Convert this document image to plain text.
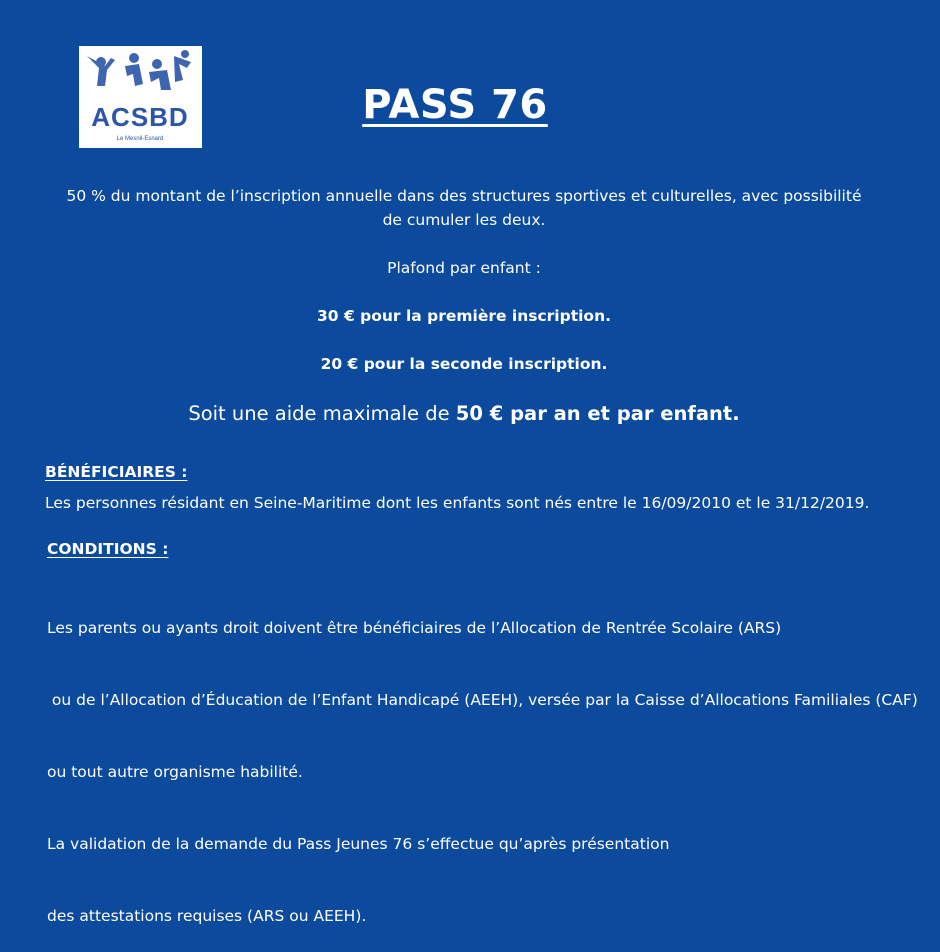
ACSBD
Le Mesnil-Esnard
PASS 76
50 % du montant de l’inscription annuelle dans des structures sportives et culturelles, avec possibilité
de cumuler les deux.
Plafond par enfant :
30 € pour la première inscription.
20 € pour la seconde inscription.
Soit une aide maximale de 50 € par an et par enfant.
BÉNÉFICIAIRES :
Les personnes résidant en Seine-Maritime dont les enfants sont nés entre le 16/09/2010 et le 31/12/2019.
CONDITIONS :

Les parents ou ayants droit doivent être bénéficiaires de l’Allocation de Rentrée Scolaire (ARS)

ou de l’Allocation d’Éducation de l’Enfant Handicapé (AEEH), versée par la Caisse d’Allocations Familiales (CAF)

ou tout autre organisme habilité.

La validation de la demande du Pass Jeunes 76 s’effectue qu’après présentation

des attestations requises (ARS ou AEEH).
